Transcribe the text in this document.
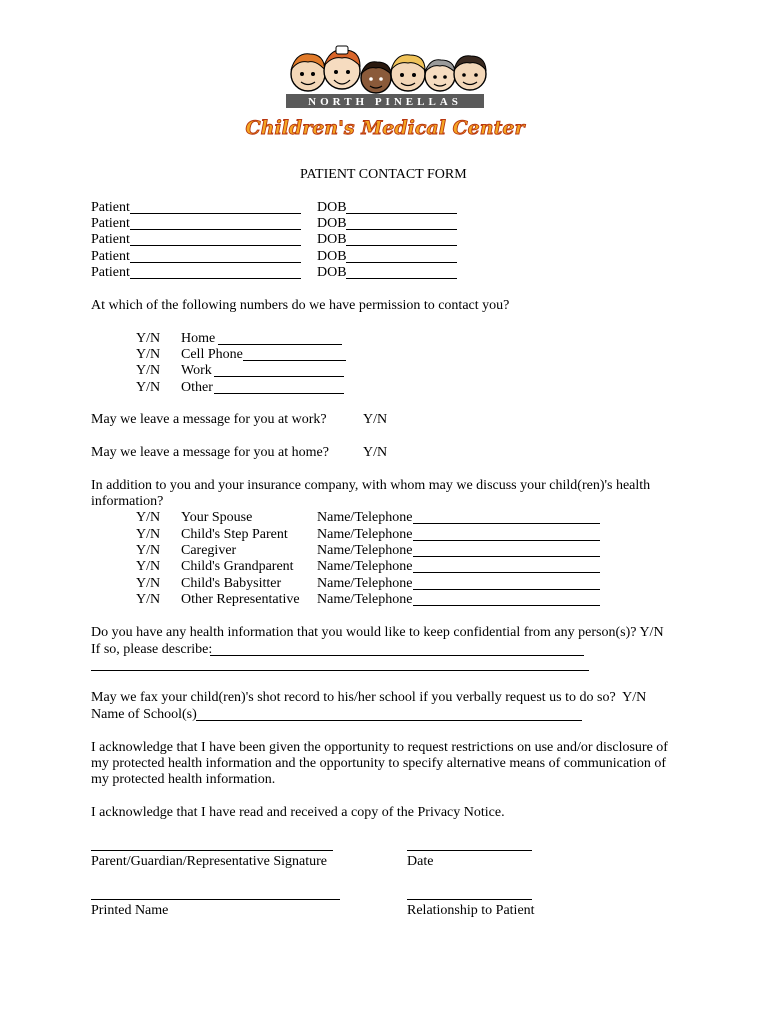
NORTH PINELLAS
Children's Medical Center
PATIENT CONTACT FORM
Patient	DOB
Patient	DOB
Patient	DOB
Patient	DOB
Patient	DOB
At which of the following numbers do we have permission to contact you?
Y/N Home
Y/N Cell Phone
Y/N Work
Y/N Other
May we leave a message for you at work?	Y/N
May we leave a message for you at home? Y/N
In addition to you and your insurance company, with whom may we discuss your child(ren)'s health
information?
Y/N Your Spouse	Name/Telephone
Y/N Child's Step Parent Name/Telephone
Y/N Caregiver	Name/Telephone
Y/N Child's Grandparent Name/Telephone
Y/N Child's Babysitter	Name/Telephone
Y/N Other Representative Name/Telephone
Do you have any health information that you would like to keep confidential from any person(s)? Y/N
If so, please describe:
May we fax your child(ren)'s shot record to his/her school if you verbally request us to do so?  Y/N
Name of School(s)
I acknowledge that I have been given the opportunity to request restrictions on use and/or disclosure of
my protected health information and the opportunity to specify alternative means of communication of
my protected health information.
I acknowledge that I have read and received a copy of the Privacy Notice.
Parent/Guardian/Representative Signature	Date
Printed Name	Relationship to Patient
